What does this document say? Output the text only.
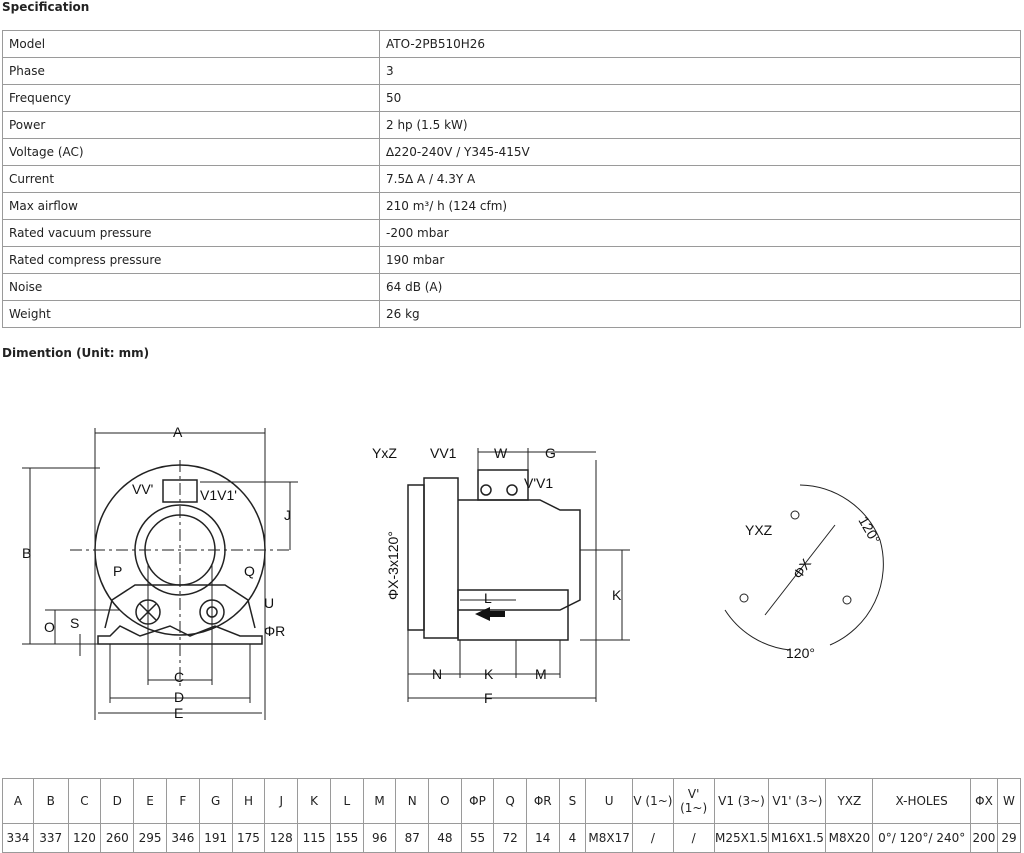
Specification
Model	ATO-2PB510H26
Phase	3
Frequency	50
Power	2 hp (1.5 kW)
Voltage (AC)	∆220-240V / Y345-415V
Current	7.5∆ A / 4.3Y A
Max airflow	210 m³/ h (124 cfm)
Rated vacuum pressure	-200 mbar
Rated compress pressure	190 mbar
Noise	64 dB (A)
Weight	26 kg
Dimention (Unit: mm)
A
B
C
D
E
J
P	Q
U
O S	ΦR
VV'	V1V1'
YxZ VV1	W	G
V'V1
ΦX-3x120°	L
K
K
N	M
F
YXZ
ΦX
120°
120°
A	B	C	D	E	F	G	H	J	K	L	M	N	O	ΦP	Q	ΦR	S	U	V (1~)	V' (1~)	V1 (3~)	V1' (3~)	YXZ	X-HOLES	ΦX	W
334	337	120	260	295	346	191	175	128	115	155	96	87	48	55	72	14	4	M8X17	/	/	M25X1.5	M16X1.5	M8X20	0°/ 120°/ 240°	200	29
